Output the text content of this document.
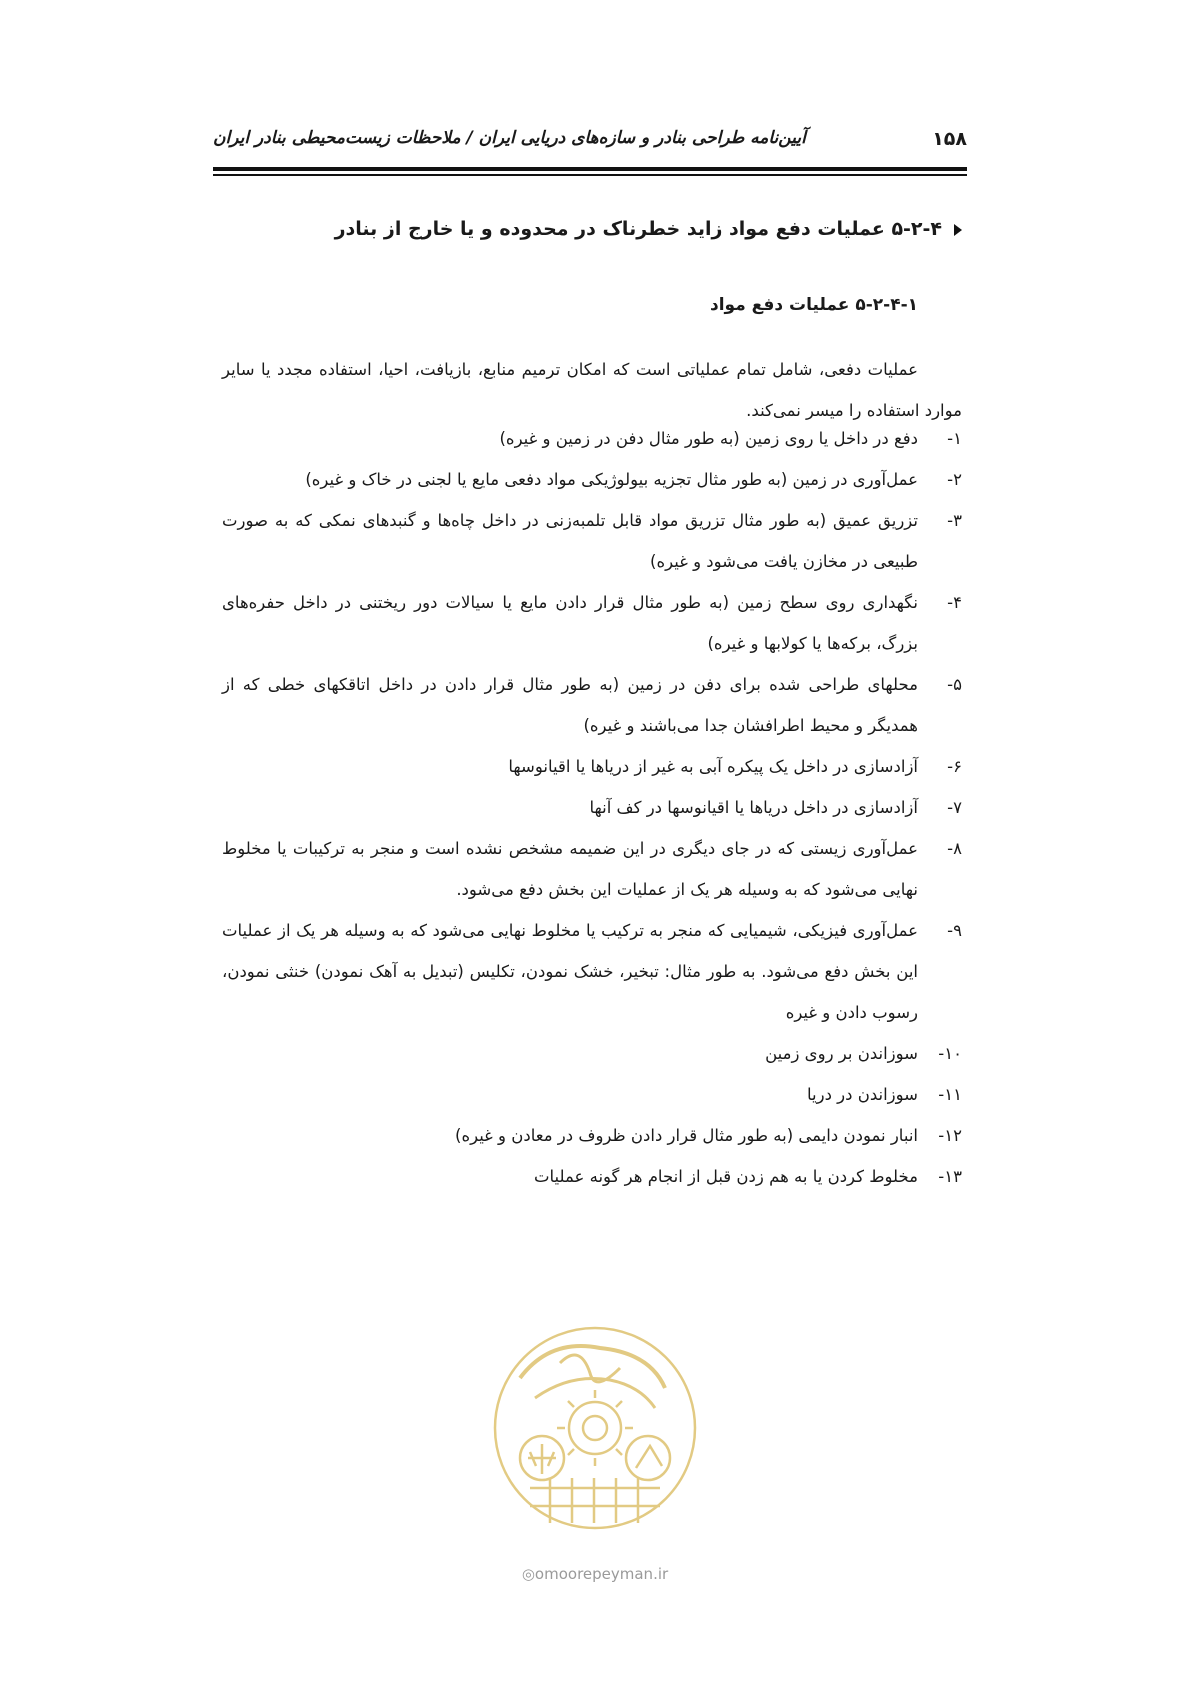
۱۵۸
آیین‌نامه طراحی بنادر و سازه‌های دریایی ایران / ملاحظات زیست‌محیطی بنادر ایران
۵-۲-۴ عملیات دفع مواد زاید خطرناک در محدوده و یا خارج از بنادر
۵-۲-۴-۱ عملیات دفع مواد

عملیات دفعی، شامل تمام عملیاتی است که امکان ترمیم منابع، بازیافت، احیا، استفاده مجدد یا سایر موارد استفاده را میسر نمی‌کند.

۱-
دفع در داخل یا روی زمین (به طور مثال دفن در زمین و غیره)
۲-
عمل‌آوری در زمین (به طور مثال تجزیه بیولوژیکی مواد دفعی مایع یا لجنی در خاک و غیره)
۳-
تزریق عمیق (به طور مثال تزریق مواد قابل تلمبه‌زنی در داخل چاه‌ها و گنبدهای نمکی که به صورت طبیعی در مخازن یافت می‌شود و غیره)
۴-
نگهداری روی سطح زمین (به طور مثال قرار دادن مایع یا سیالات دور ریختنی در داخل حفره‌های بزرگ، برکه‌ها یا کولابها و غیره)
۵-
محلهای طراحی شده برای دفن در زمین (به طور مثال قرار دادن در داخل اتاقکهای خطی که از همدیگر و محیط اطرافشان جدا می‌باشند و غیره)
۶-
آزادسازی در داخل یک پیکره آبی به غیر از دریاها یا اقیانوسها
۷-
آزادسازی در داخل دریاها یا اقیانوسها در کف آنها
۸-
عمل‌آوری زیستی که در جای دیگری در این ضمیمه مشخص نشده است و منجر به ترکیبات یا مخلوط نهایی می‌شود که به وسیله هر یک از عملیات این بخش دفع می‌شود.
۹-
عمل‌آوری فیزیکی، شیمیایی که منجر به ترکیب یا مخلوط نهایی می‌شود که به وسیله هر یک از عملیات این بخش دفع می‌شود. به طور مثال: تبخیر، خشک نمودن، تکلیس (تبدیل به آهک نمودن) خنثی نمودن، رسوب دادن و غیره
۱۰-
سوزاندن بر روی زمین
۱۱-
سوزاندن در دریا
۱۲-
انبار نمودن دایمی (به طور مثال قرار دادن ظروف در معادن و غیره)
۱۳-
مخلوط کردن یا به هم زدن قبل از انجام هر گونه عملیات
◎omoorepeyman.ir
